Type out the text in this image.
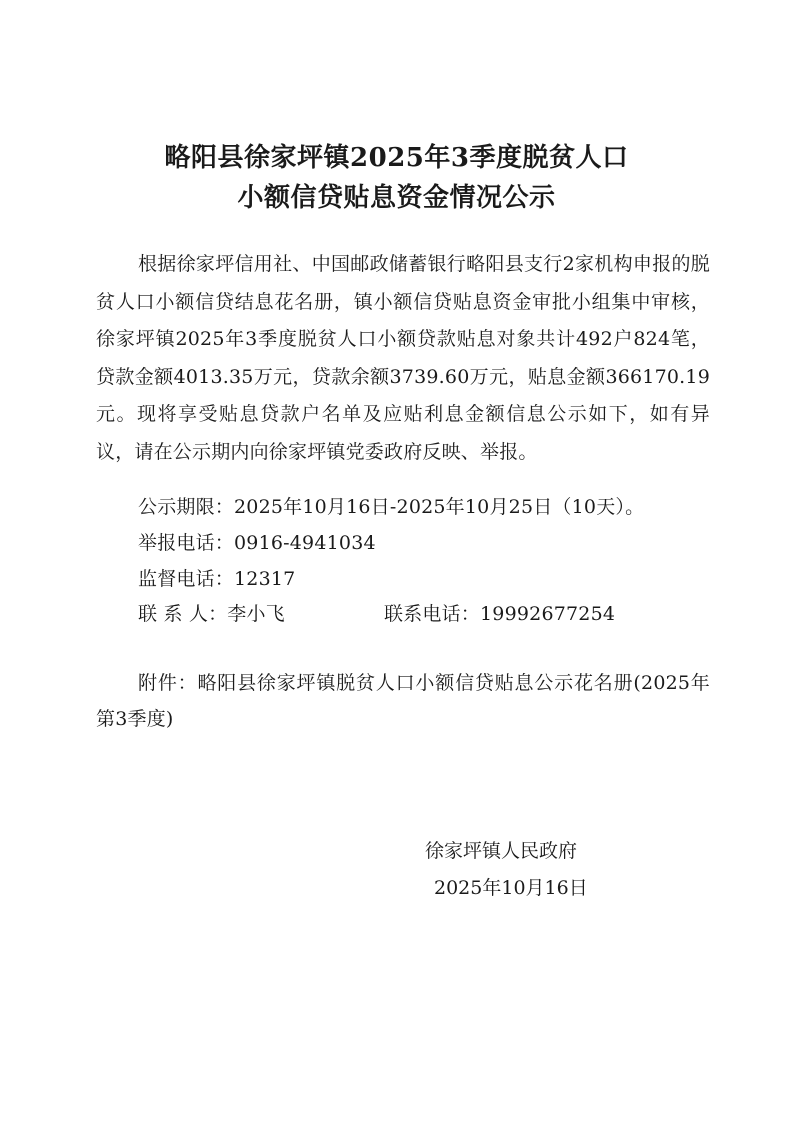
略阳县徐家坪镇2025年3季度脱贫人口
小额信贷贴息资金情况公示
根据徐家坪信用社、中国邮政储蓄银行略阳县支行2家机构申报的脱贫人口小额信贷结息花名册，镇小额信贷贴息资金审批小组集中审核，徐家坪镇2025年3季度脱贫人口小额贷款贴息对象共计492户824笔，贷款金额4013.35万元，贷款余额3739.60万元，贴息金额366170.19元。现将享受贴息贷款户名单及应贴利息金额信息公示如下，如有异议，请在公示期内向徐家坪镇党委政府反映、举报。
公示期限：2025年10月16日-2025年10月25日（10天）。
举报电话：0916-4941034
监督电话：12317
联 系 人：李小飞	联系电话：19992677254
附件：略阳县徐家坪镇脱贫人口小额信贷贴息公示花名册(2025年第3季度)
徐家坪镇人民政府
2025年10月16日
